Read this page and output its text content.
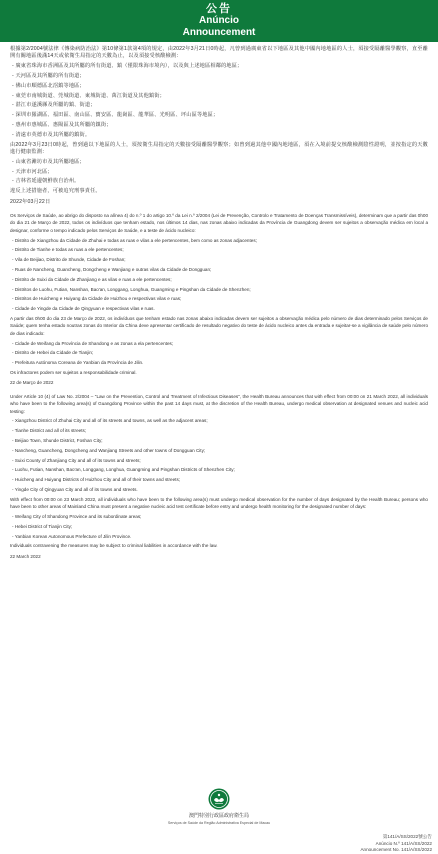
公告
Anúncio
Announcement

根據第2/2004號法律《傳染病防治法》第10條第1款第4項的規定，由2022年3月21日0時起，凡曾到過廣東省以下地區及其他中國內地地區的人士，須接受隔離醫學觀察，直至離開有關地區後滿14天或依衛生局指定的天數為止，以及須接受核酸檢測：

- 廣東省珠海市香洲區及其所屬的所有街道、鎮（僅限珠海市境內），以及與上述地區相鄰的地區；

- 天河區及其所屬的所有街道；

- 佛山市順德區北滘鎮等地區；

- 東莞市南城街道、莞城街道、東城街道、萬江街道及其他鎮街；

- 湛江市遂溪縣及所屬的鎮、街道；

- 深圳市羅湖區、福田區、南山區、寶安區、龍崗區、龍華區、光明區、坪山區等地區；

- 惠州市惠城區、惠陽區及其所屬的鎮街；

- 清遠市英德市及其所屬的鎮街。

由2022年3月23日0時起，曾到過以下地區的人士，須按衛生局指定的天數接受隔離醫學觀察；如曾到過其他中國內地地區，須在入境前提交核酸檢測陰性證明，並按指定的天數進行健康監測：

- 山東省濰坊市及其所屬地區；

- 天津市河北區；

- 吉林省延邊朝鮮族自治州。

違反上述措施者，可被追究刑事責任。

2022年03月22日

Os Serviços de Saúde, ao abrigo do disposto na alínea 4) do n.º 1 do artigo 10.º da Lei n.º 2/2004 (Lei de Prevenção, Controlo e Tratamento de Doenças Transmissíveis), determinam que a partir das 0h00 do dia 21 de Março de 2022, todos os indivíduos que tenham estado, nos últimos 14 dias, nas zonas abaixo indicadas da Província de Guangdong devem ser sujeitos a observação médica em local a designar, conforme o tempo indicado pelos Serviços de Saúde, e a teste de ácido nucleico:

- Distrito de Xiangzhou da Cidade de Zhuhai e todas as ruas e vilas a ele pertencentes, bem como as zonas adjacentes;

- Distrito de Tianhe e todas as ruas a ele pertencentes;

- Vila de Beijiao, Distrito de Shunde, Cidade de Foshan;

- Ruas de Nancheng, Guancheng, Dongcheng e Wanjiang e outras vilas da Cidade de Dongguan;

- Distrito de Suixi da Cidade de Zhanjiang e as vilas e ruas a ele pertencentes;

- Distritos de Luohu, Futian, Nanshan, Bao'an, Longgang, Longhua, Guangming e Pingshan da Cidade de Shenzhen;

- Distritos de Huicheng e Huiyang da Cidade de Huizhou e respectivas vilas e ruas;

- Cidade de Yingde da Cidade de Qingyuan e respectivas vilas e ruas.

A partir das 0h00 do dia 23 de Março de 2022, os indivíduos que tenham estado nas zonas abaixo indicadas devem ser sujeitos a observação médica pelo número de dias determinado pelos Serviços de Saúde; quem tenha estado noutras zonas do Interior da China deve apresentar certificado de resultado negativo do teste de ácido nucleico antes da entrada e sujeitar-se a vigilância de saúde pelo número de dias indicado:

- Cidade de Weifang da Província de Shandong e as zonas a ela pertencentes;

- Distrito de Hebei da Cidade de Tianjin;

- Prefeitura Autónoma Coreana de Yanbian da Província de Jilin.

Os infractores podem ser sujeitos a responsabilidade criminal.

22 de Março de 2022

Under Article 10 (4) of Law No. 2/2004 – "Law on the Prevention, Control and Treatment of Infectious Diseases", the Health Bureau announces that with effect from 00:00 on 21 March 2022, all individuals who have been to the following area(s) of Guangdong Province within the past 14 days must, at the discretion of the Health Bureau, undergo medical observation at designated venues and nucleic acid testing:

- Xiangzhou District of Zhuhai City and all of its streets and towns, as well as the adjacent areas;

- Tianhe District and all of its streets;

- Beijiao Town, Shunde District, Foshan City;

- Nancheng, Guancheng, Dongcheng and Wanjiang Streets and other towns of Dongguan City;

- Suixi County of Zhanjiang City and all of its towns and streets;

- Luohu, Futian, Nanshan, Bao'an, Longgang, Longhua, Guangming and Pingshan Districts of Shenzhen City;

- Huicheng and Huiyang Districts of Huizhou City and all of their towns and streets;

- Yingde City of Qingyuan City and all of its towns and streets.

With effect from 00:00 on 23 March 2022, all individuals who have been to the following area(s) must undergo medical observation for the number of days designated by the Health Bureau; persons who have been to other areas of Mainland China must present a negative nucleic acid test certificate before entry and undergo health monitoring for the designated number of days:

- Weifang City of Shandong Province and its subordinate areas;

- Hebei District of Tianjin City;

- Yanbian Korean Autonomous Prefecture of Jilin Province.

Individuals contravening the measures may be subject to criminal liabilities in accordance with the law.

22 March 2022

澳門特別行政區政府衛生局
Serviços de Saúde da Região Administrativa Especial de Macau
第141/A/SS/2022號公告
Anúncio N.º 141/A/SS/2022
Announcement No. 141/A/SS/2022
